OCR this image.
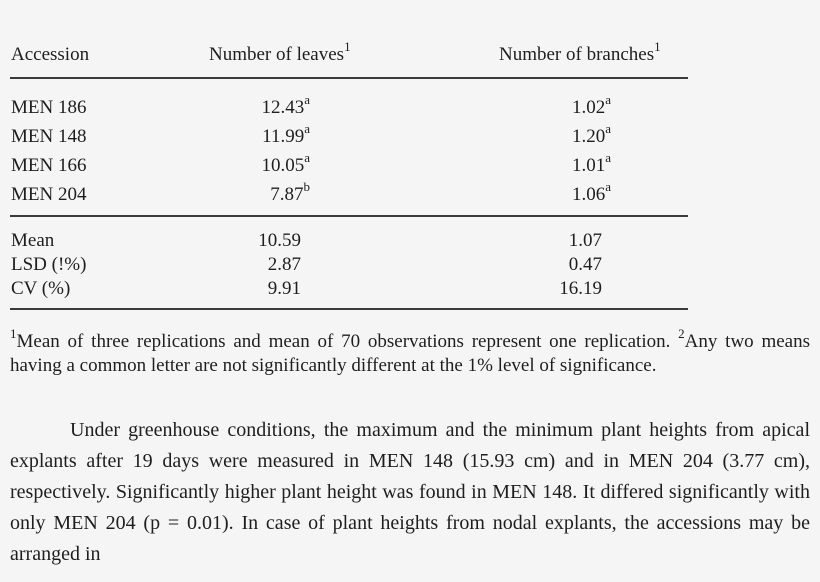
Accession	Number of leaves$^1$	Number of branches$^1$
MEN 186	12.43$^a$	1.02$^a$
MEN 148	11.99$^a$	1.20$^a$
MEN 166	10.05$^a$	1.01$^a$
MEN 204	7.87$^b$	1.06$^a$
Mean	10.59	1.07
LSD (!%)	2.87	0.47
CV (%)	9.91	16.19
$^1$Mean of three replications and mean of 70 observations represent one replication. $^2$Any two means having a common letter are not significantly different at the 1% level of significance.

Under greenhouse conditions, the maximum and the minimum plant heights from apical explants after 19 days were measured in MEN 148 (15.93 cm) and in MEN 204 (3.77 cm), respectively. Significantly higher plant height was found in MEN 148. It differed significantly with only MEN 204 (p = 0.01). In case of plant heights from nodal explants, the accessions may be arranged in
